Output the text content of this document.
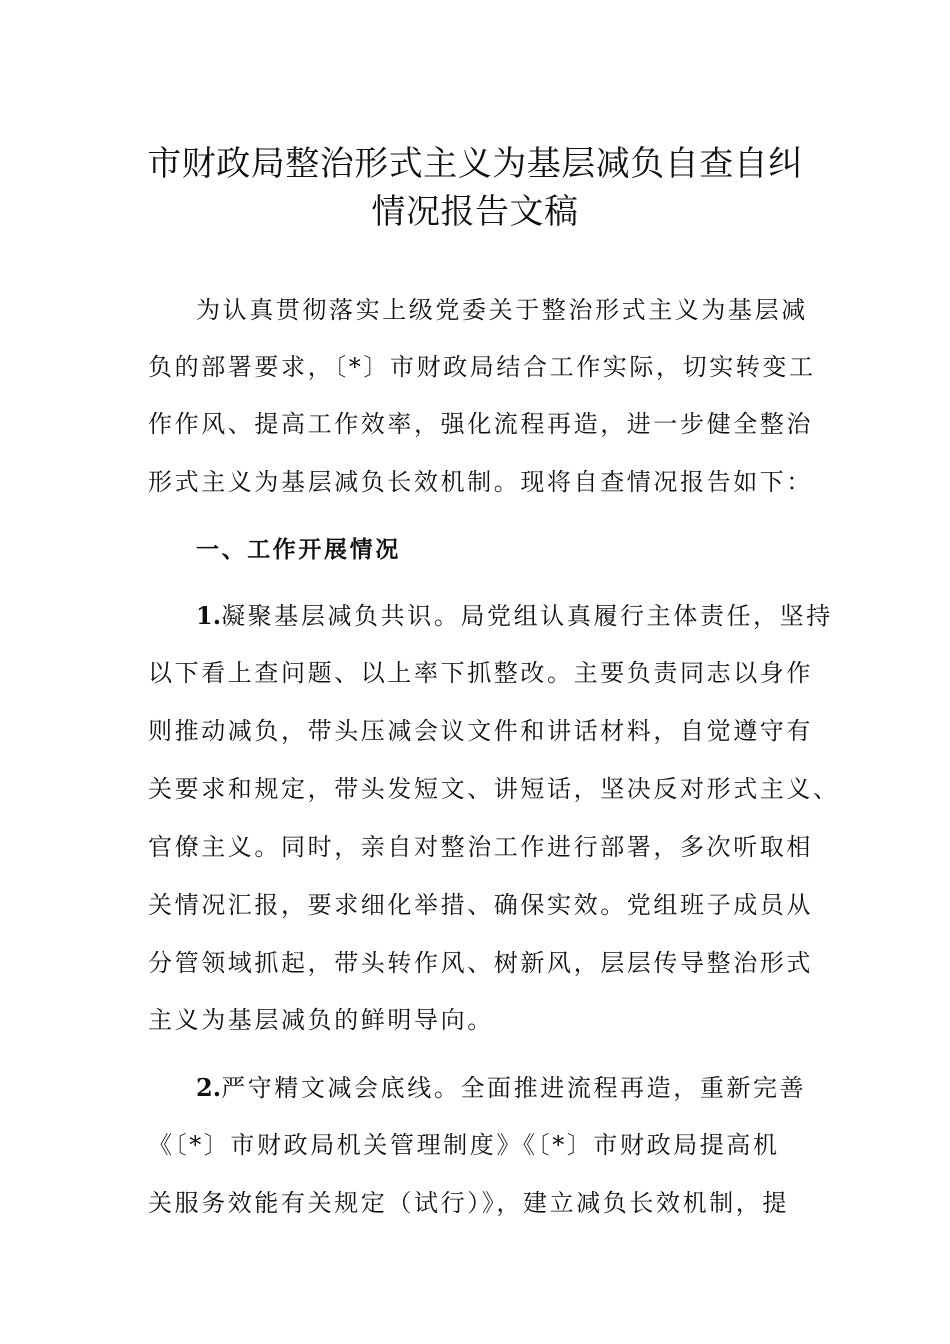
市财政局整治形式主义为基层减负自查自纠
情况报告文稿
为认真贯彻落实上级党委关于整治形式主义为基层减
负的部署要求，〔*〕市财政局结合工作实际，切实转变工
作作风、提高工作效率，强化流程再造，进一步健全整治
形式主义为基层减负长效机制。现将自查情况报告如下：
一、工作开展情况
1.凝聚基层减负共识。局党组认真履行主体责任，坚持
以下看上查问题、以上率下抓整改。主要负责同志以身作
则推动减负，带头压减会议文件和讲话材料，自觉遵守有
关要求和规定，带头发短文、讲短话，坚决反对形式主义、
官僚主义。同时，亲自对整治工作进行部署，多次听取相
关情况汇报，要求细化举措、确保实效。党组班子成员从
分管领域抓起，带头转作风、树新风，层层传导整治形式
主义为基层减负的鲜明导向。
2.严守精文减会底线。全面推进流程再造，重新完善
《〔*〕市财政局机关管理制度》《〔*〕市财政局提高机
关服务效能有关规定（试行）》，建立减负长效机制，提
